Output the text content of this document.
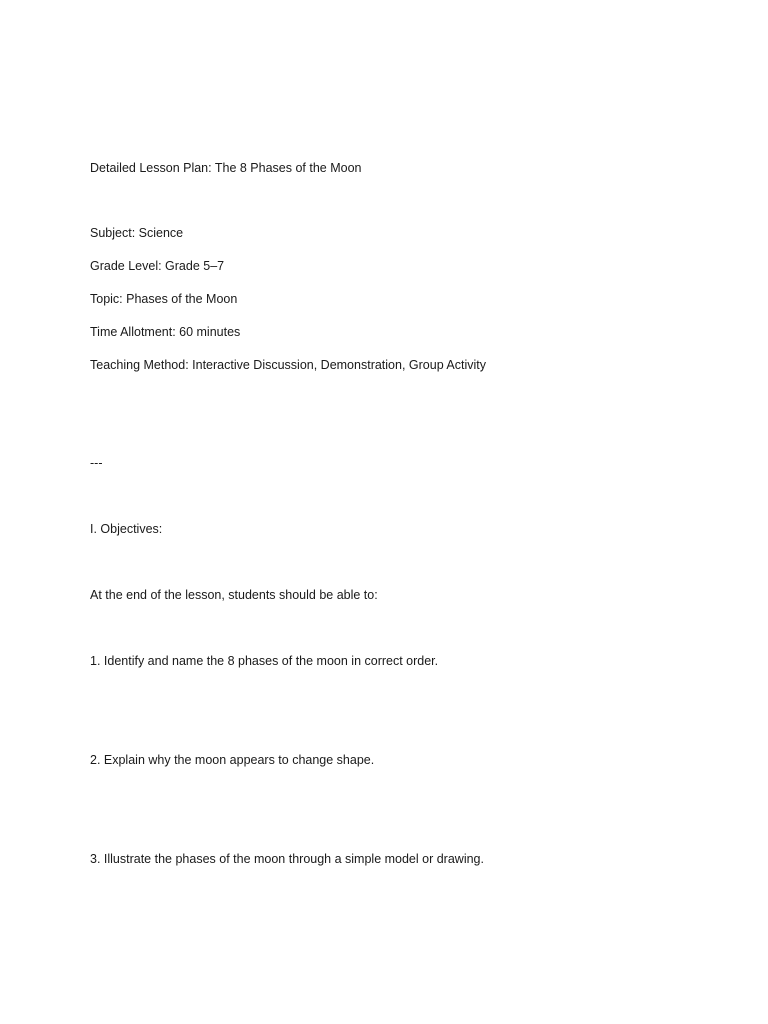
Detailed Lesson Plan: The 8 Phases of the Moon
Subject: Science
Grade Level: Grade 5–7
Topic: Phases of the Moon
Time Allotment: 60 minutes
Teaching Method: Interactive Discussion, Demonstration, Group Activity
---
I. Objectives:
At the end of the lesson, students should be able to:
1. Identify and name the 8 phases of the moon in correct order.
2. Explain why the moon appears to change shape.
3. Illustrate the phases of the moon through a simple model or drawing.
